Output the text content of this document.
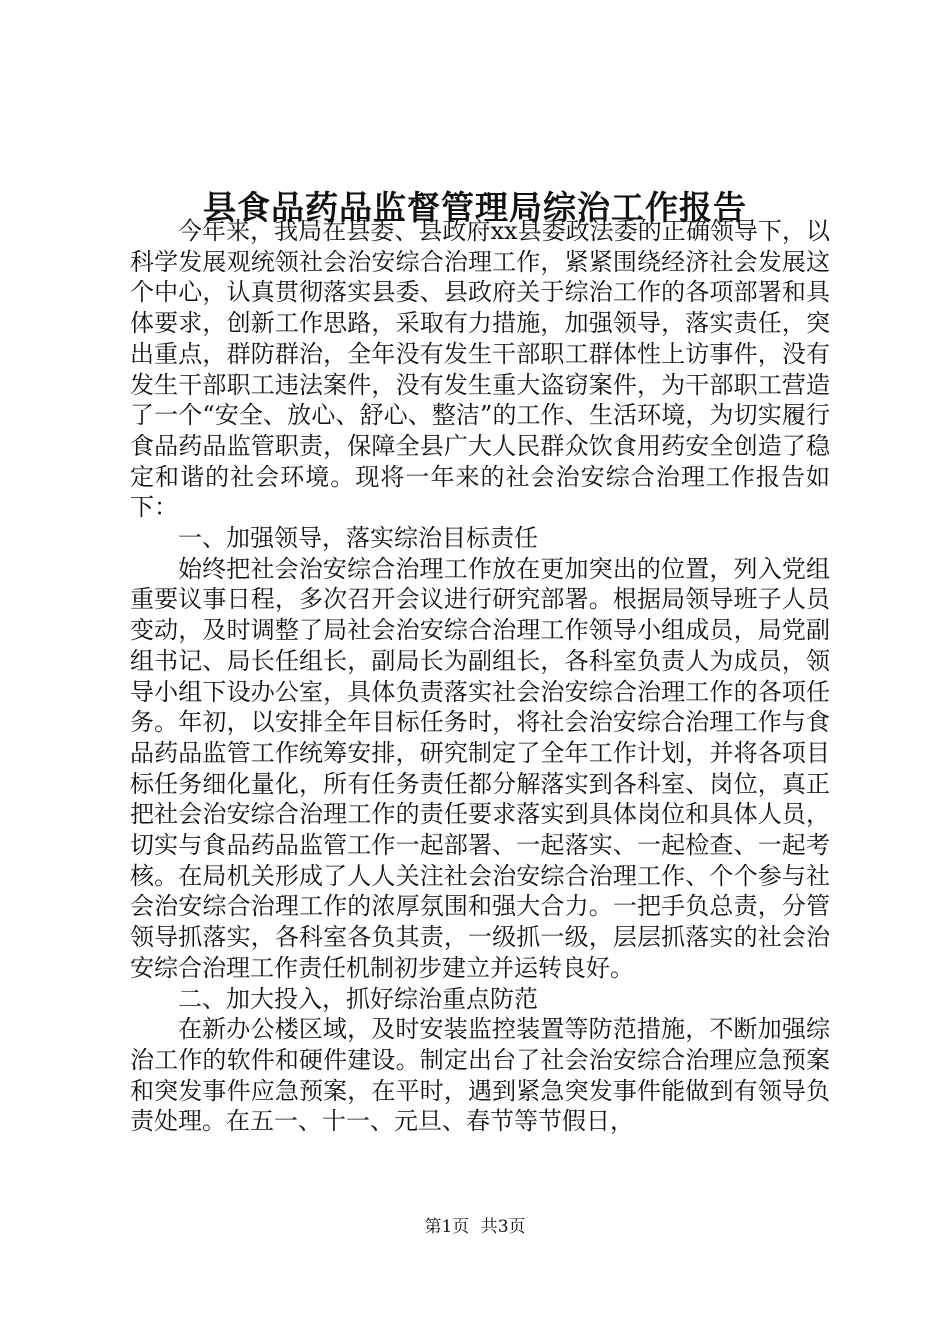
县食品药品监督管理局综治工作报告

今年来，我局在县委、县政府xx县委政法委的正确领导下，以科学发展观统领社会治安综合治理工作，紧紧围绕经济社会发展这个中心，认真贯彻落实县委、县政府关于综治工作的各项部署和具体要求，创新工作思路，采取有力措施，加强领导，落实责任，突出重点，群防群治，全年没有发生干部职工群体性上访事件，没有发生干部职工违法案件，没有发生重大盗窃案件，为干部职工营造了一个“安全、放心、舒心、整洁”的工作、生活环境，为切实履行食品药品监管职责，保障全县广大人民群众饮食用药安全创造了稳定和谐的社会环境。现将一年来的社会治安综合治理工作报告如下：

一、加强领导，落实综治目标责任

始终把社会治安综合治理工作放在更加突出的位置，列入党组重要议事日程，多次召开会议进行研究部署。根据局领导班子人员变动，及时调整了局社会治安综合治理工作领导小组成员，局党副组书记、局长任组长，副局长为副组长，各科室负责人为成员，领导小组下设办公室，具体负责落实社会治安综合治理工作的各项任务。年初，以安排全年目标任务时，将社会治安综合治理工作与食品药品监管工作统筹安排，研究制定了全年工作计划，并将各项目标任务细化量化，所有任务责任都分解落实到各科室、岗位，真正把社会治安综合治理工作的责任要求落实到具体岗位和具体人员，切实与食品药品监管工作一起部署、一起落实、一起检查、一起考核。在局机关形成了人人关注社会治安综合治理工作、个个参与社会治安综合治理工作的浓厚氛围和强大合力。一把手负总责，分管领导抓落实，各科室各负其责，一级抓一级，层层抓落实的社会治安综合治理工作责任机制初步建立并运转良好。

二、加大投入，抓好综治重点防范

在新办公楼区域，及时安装监控装置等防范措施，不断加强综治工作的软件和硬件建设。制定出台了社会治安综合治理应急预案和突发事件应急预案，在平时，遇到紧急突发事件能做到有领导负责处理。在五一、十一、元旦、春节等节假日，

第1页 共3页
